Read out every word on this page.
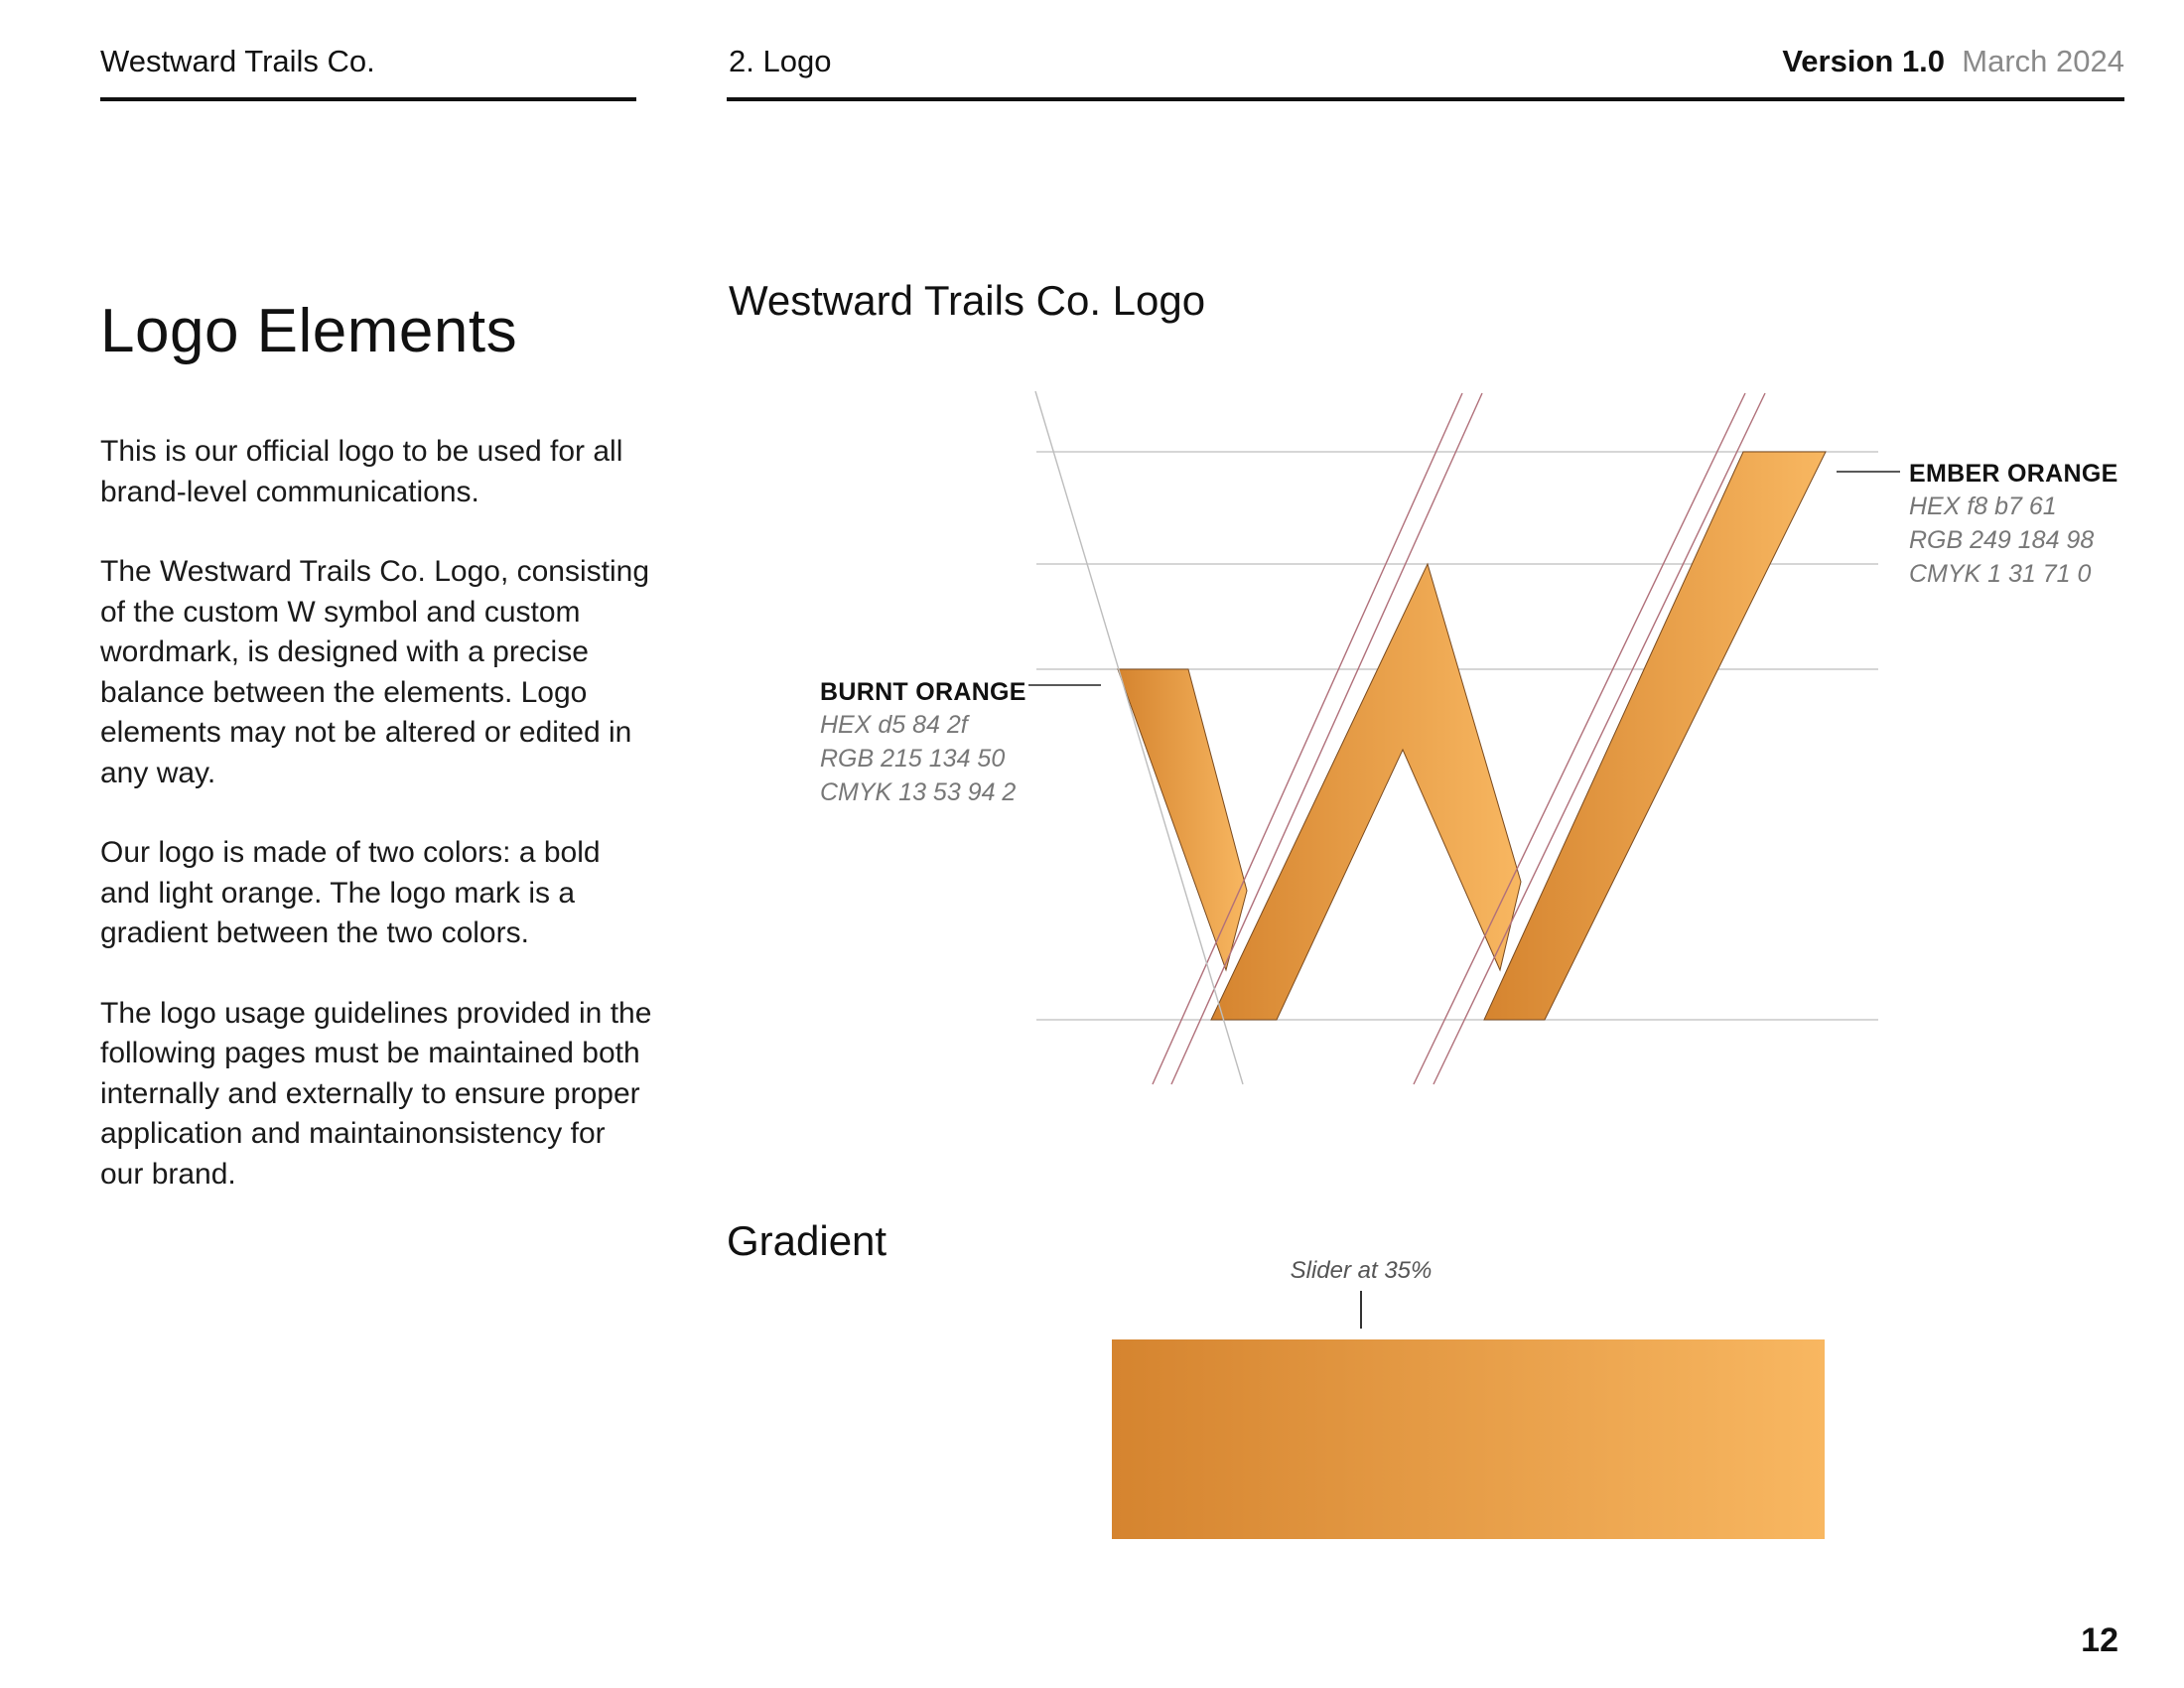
Westward Trails Co.	2. Logo	Version 1.0 March 2024
Logo Elements

This is our official logo to be used for all brand-level communications.

The Westward Trails Co. Logo, consisting of the custom W symbol and custom wordmark, is designed with a precise balance between the elements. Logo elements may not be altered or edited in any way.

Our logo is made of two colors: a bold and light orange. The logo mark is a gradient between the two colors.

The logo usage guidelines provided in the following pages must be maintained both internally and externally to ensure proper application and maintainonsistency for our brand.

Westward Trails Co. Logo
BURNT ORANGE
HEX d5 84 2f
RGB 215 134 50
CMYK 13 53 94 2
EMBER ORANGE
HEX f8 b7 61
RGB 249 184 98
CMYK 1 31 71 0
Gradient
Slider at 35%
12
